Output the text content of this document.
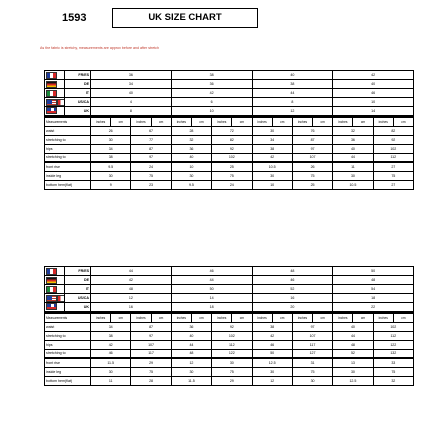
1593	UK SIZE CHART
As the fabric is stretchy, measurements are approx before and after stretch
	FR/ES	36	38	40	42
	DE	34	36	38	40
	IT	40	42	44	46
	US/CA	4	6	8	10
	UK	8	10	12	14
Measurements	inches	cm	inches	cm	inches	cm	inches	cm	inches	cm	inches	cm	inches	cm	inches	cm
waist	26		67		28		72		30		76		32		82	
stretching to	30		77		32		82		34		87		36		92	
hips	34		87		36		92		38		97		40		102	
stretching to	38		97		40		102		42		107		44		112	
front rise	9.5		24		10		25		10.5		26		11		27	
inside leg	30		75		30		75		30		75		30		75	
bottom hem(flat)	9		23		9.5		24		10		25		10.5		27	
	FR/ES	44	46	48	50
	DE	42	44	46	48
	IT	48	50	52	54
	US/CA	12	14	16	18
	UK	16	18	20	22
Measurements	inches	cm	inches	cm	inches	cm	inches	cm	inches	cm	inches	cm	inches	cm	inches	cm
waist	34		87		36		92		38		97		40		102	
stretching to	38		97		40		102		42		107		44		112	
hips	42		107		44		112		46		117		48		122	
stretching to	46		117		48		122		50		127		52		132	
front rise	11.5		29		12		30		12.5		31		13		33	
inside leg	30		75		30		75		30		75		30		75	
bottom hem(flat)	11		28		11.5		29		12		30		12.5		32	
